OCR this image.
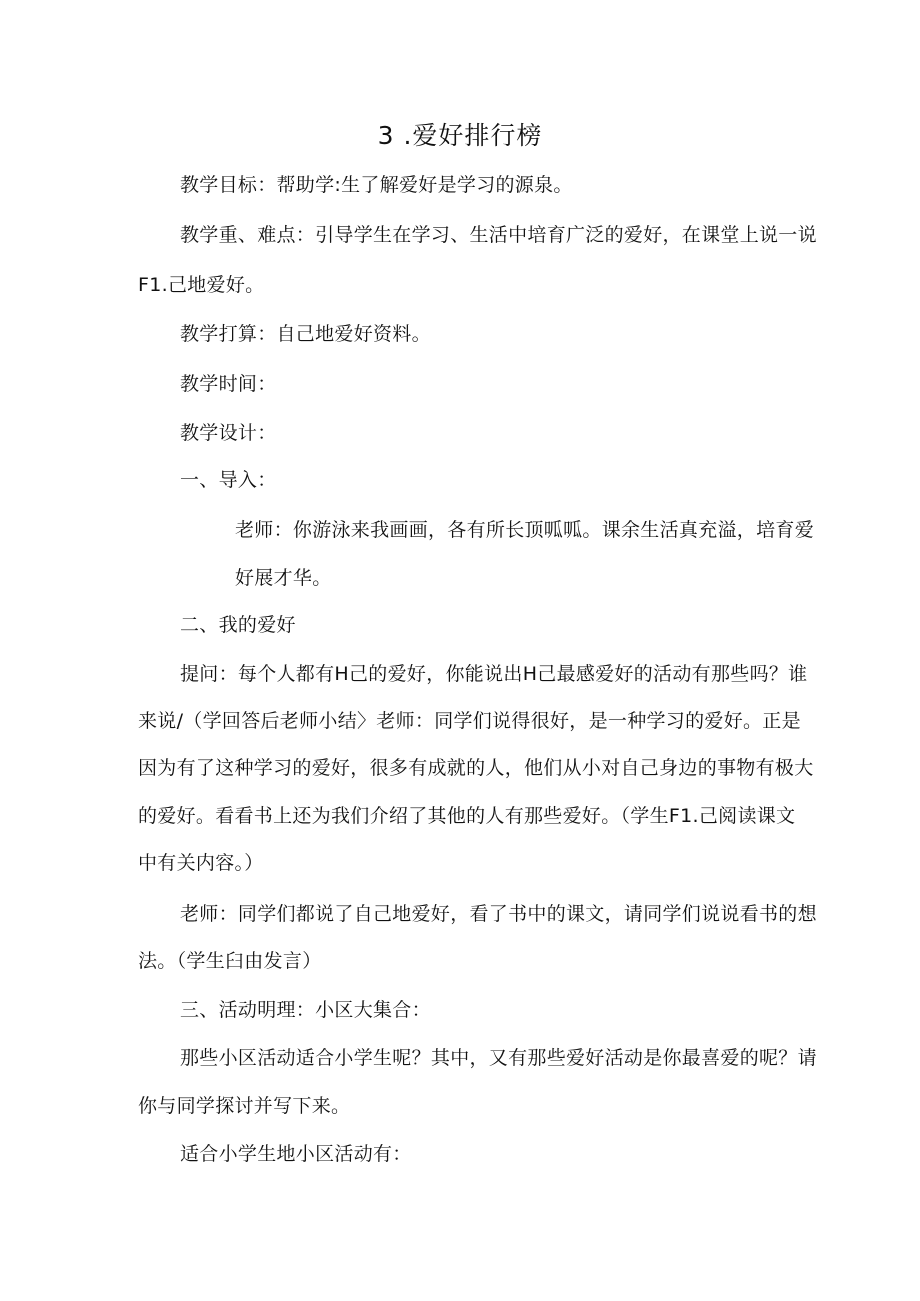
3 .爱好排行榜
教学目标：帮助学:生了解爱好是学习的源泉。
教学重、难点：引导学生在学习、生活中培育广泛的爱好，在课堂上说一说
F1.己地爱好。
教学打算：自己地爱好资料。
教学时间：
教学设计：
一、导入：
老师：你游泳来我画画，各有所长顶呱呱。课余生活真充溢，培育爱
好展才华。
二、我的爱好
提问：每个人都有H己的爱好，你能说出H己最感爱好的活动有那些吗？谁
来说/（学回答后老师小结〉老师：同学们说得很好，是一种学习的爱好。正是
因为有了这种学习的爱好，很多有成就的人，他们从小对自己身边的事物有极大
的爱好。看看书上还为我们介绍了其他的人有那些爱好。（学生F1.己阅读课文
中有关内容。）
老师：同学们都说了自己地爱好，看了书中的课文，请同学们说说看书的想
法。（学生臼由发言）
三、活动明理：小区大集合：
那些小区活动适合小学生呢？其中，又有那些爱好活动是你最喜爱的呢？请
你与同学探讨并写下来。
适合小学生地小区活动有：
